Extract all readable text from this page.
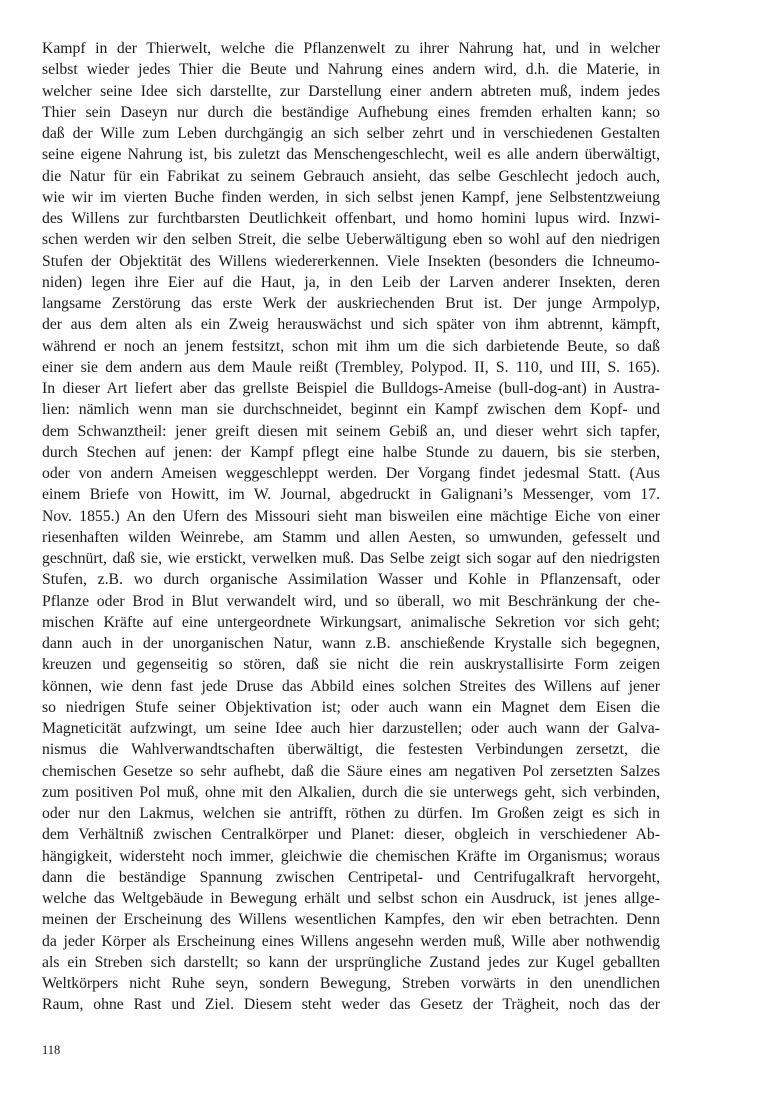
Kampf in der Thierwelt, welche die Pflanzenwelt zu ihrer Nahrung hat, und in welcher
selbst wieder jedes Thier die Beute und Nahrung eines andern wird, d.h. die Materie, in
welcher seine Idee sich darstellte, zur Darstellung einer andern abtreten muß, indem jedes
Thier sein Daseyn nur durch die beständige Aufhebung eines fremden erhalten kann; so
daß der Wille zum Leben durchgängig an sich selber zehrt und in verschiedenen Gestalten
seine eigene Nahrung ist, bis zuletzt das Menschengeschlecht, weil es alle andern überwältigt,
die Natur für ein Fabrikat zu seinem Gebrauch ansieht, das selbe Geschlecht jedoch auch,
wie wir im vierten Buche finden werden, in sich selbst jenen Kampf, jene Selbstentzweiung
des Willens zur furchtbarsten Deutlichkeit offenbart, und homo homini lupus wird. Inzwi-
schen werden wir den selben Streit, die selbe Ueberwältigung eben so wohl auf den niedrigen
Stufen der Objektität des Willens wiedererkennen. Viele Insekten (besonders die Ichneumo-
niden) legen ihre Eier auf die Haut, ja, in den Leib der Larven anderer Insekten, deren
langsame Zerstörung das erste Werk der auskriechenden Brut ist. Der junge Armpolyp,
der aus dem alten als ein Zweig herauswächst und sich später von ihm abtrennt, kämpft,
während er noch an jenem festsitzt, schon mit ihm um die sich darbietende Beute, so daß
einer sie dem andern aus dem Maule reißt (Trembley, Polypod. II, S. 110, und III, S. 165).
In dieser Art liefert aber das grellste Beispiel die Bulldogs-Ameise (bull-dog-ant) in Austra-
lien: nämlich wenn man sie durchschneidet, beginnt ein Kampf zwischen dem Kopf- und
dem Schwanztheil: jener greift diesen mit seinem Gebiß an, und dieser wehrt sich tapfer,
durch Stechen auf jenen: der Kampf pflegt eine halbe Stunde zu dauern, bis sie sterben,
oder von andern Ameisen weggeschleppt werden. Der Vorgang findet jedesmal Statt. (Aus
einem Briefe von Howitt, im W. Journal, abgedruckt in Galignani’s Messenger, vom 17.
Nov. 1855.) An den Ufern des Missouri sieht man bisweilen eine mächtige Eiche von einer
riesenhaften wilden Weinrebe, am Stamm und allen Aesten, so umwunden, gefesselt und
geschnürt, daß sie, wie erstickt, verwelken muß. Das Selbe zeigt sich sogar auf den niedrigsten
Stufen, z.B. wo durch organische Assimilation Wasser und Kohle in Pflanzensaft, oder
Pflanze oder Brod in Blut verwandelt wird, und so überall, wo mit Beschränkung der che-
mischen Kräfte auf eine untergeordnete Wirkungsart, animalische Sekretion vor sich geht;
dann auch in der unorganischen Natur, wann z.B. anschießende Krystalle sich begegnen,
kreuzen und gegenseitig so stören, daß sie nicht die rein auskrystallisirte Form zeigen
können, wie denn fast jede Druse das Abbild eines solchen Streites des Willens auf jener
so niedrigen Stufe seiner Objektivation ist; oder auch wann ein Magnet dem Eisen die
Magneticität aufzwingt, um seine Idee auch hier darzustellen; oder auch wann der Galva-
nismus die Wahlverwandtschaften überwältigt, die festesten Verbindungen zersetzt, die
chemischen Gesetze so sehr aufhebt, daß die Säure eines am negativen Pol zersetzten Salzes
zum positiven Pol muß, ohne mit den Alkalien, durch die sie unterwegs geht, sich verbinden,
oder nur den Lakmus, welchen sie antrifft, röthen zu dürfen. Im Großen zeigt es sich in
dem Verhältniß zwischen Centralkörper und Planet: dieser, obgleich in verschiedener Ab-
hängigkeit, widersteht noch immer, gleichwie die chemischen Kräfte im Organismus; woraus
dann die beständige Spannung zwischen Centripetal- und Centrifugalkraft hervorgeht,
welche das Weltgebäude in Bewegung erhält und selbst schon ein Ausdruck, ist jenes allge-
meinen der Erscheinung des Willens wesentlichen Kampfes, den wir eben betrachten. Denn
da jeder Körper als Erscheinung eines Willens angesehn werden muß, Wille aber nothwendig
als ein Streben sich darstellt; so kann der ursprüngliche Zustand jedes zur Kugel geballten
Weltkörpers nicht Ruhe seyn, sondern Bewegung, Streben vorwärts in den unendlichen
Raum, ohne Rast und Ziel. Diesem steht weder das Gesetz der Trägheit, noch das der
118
